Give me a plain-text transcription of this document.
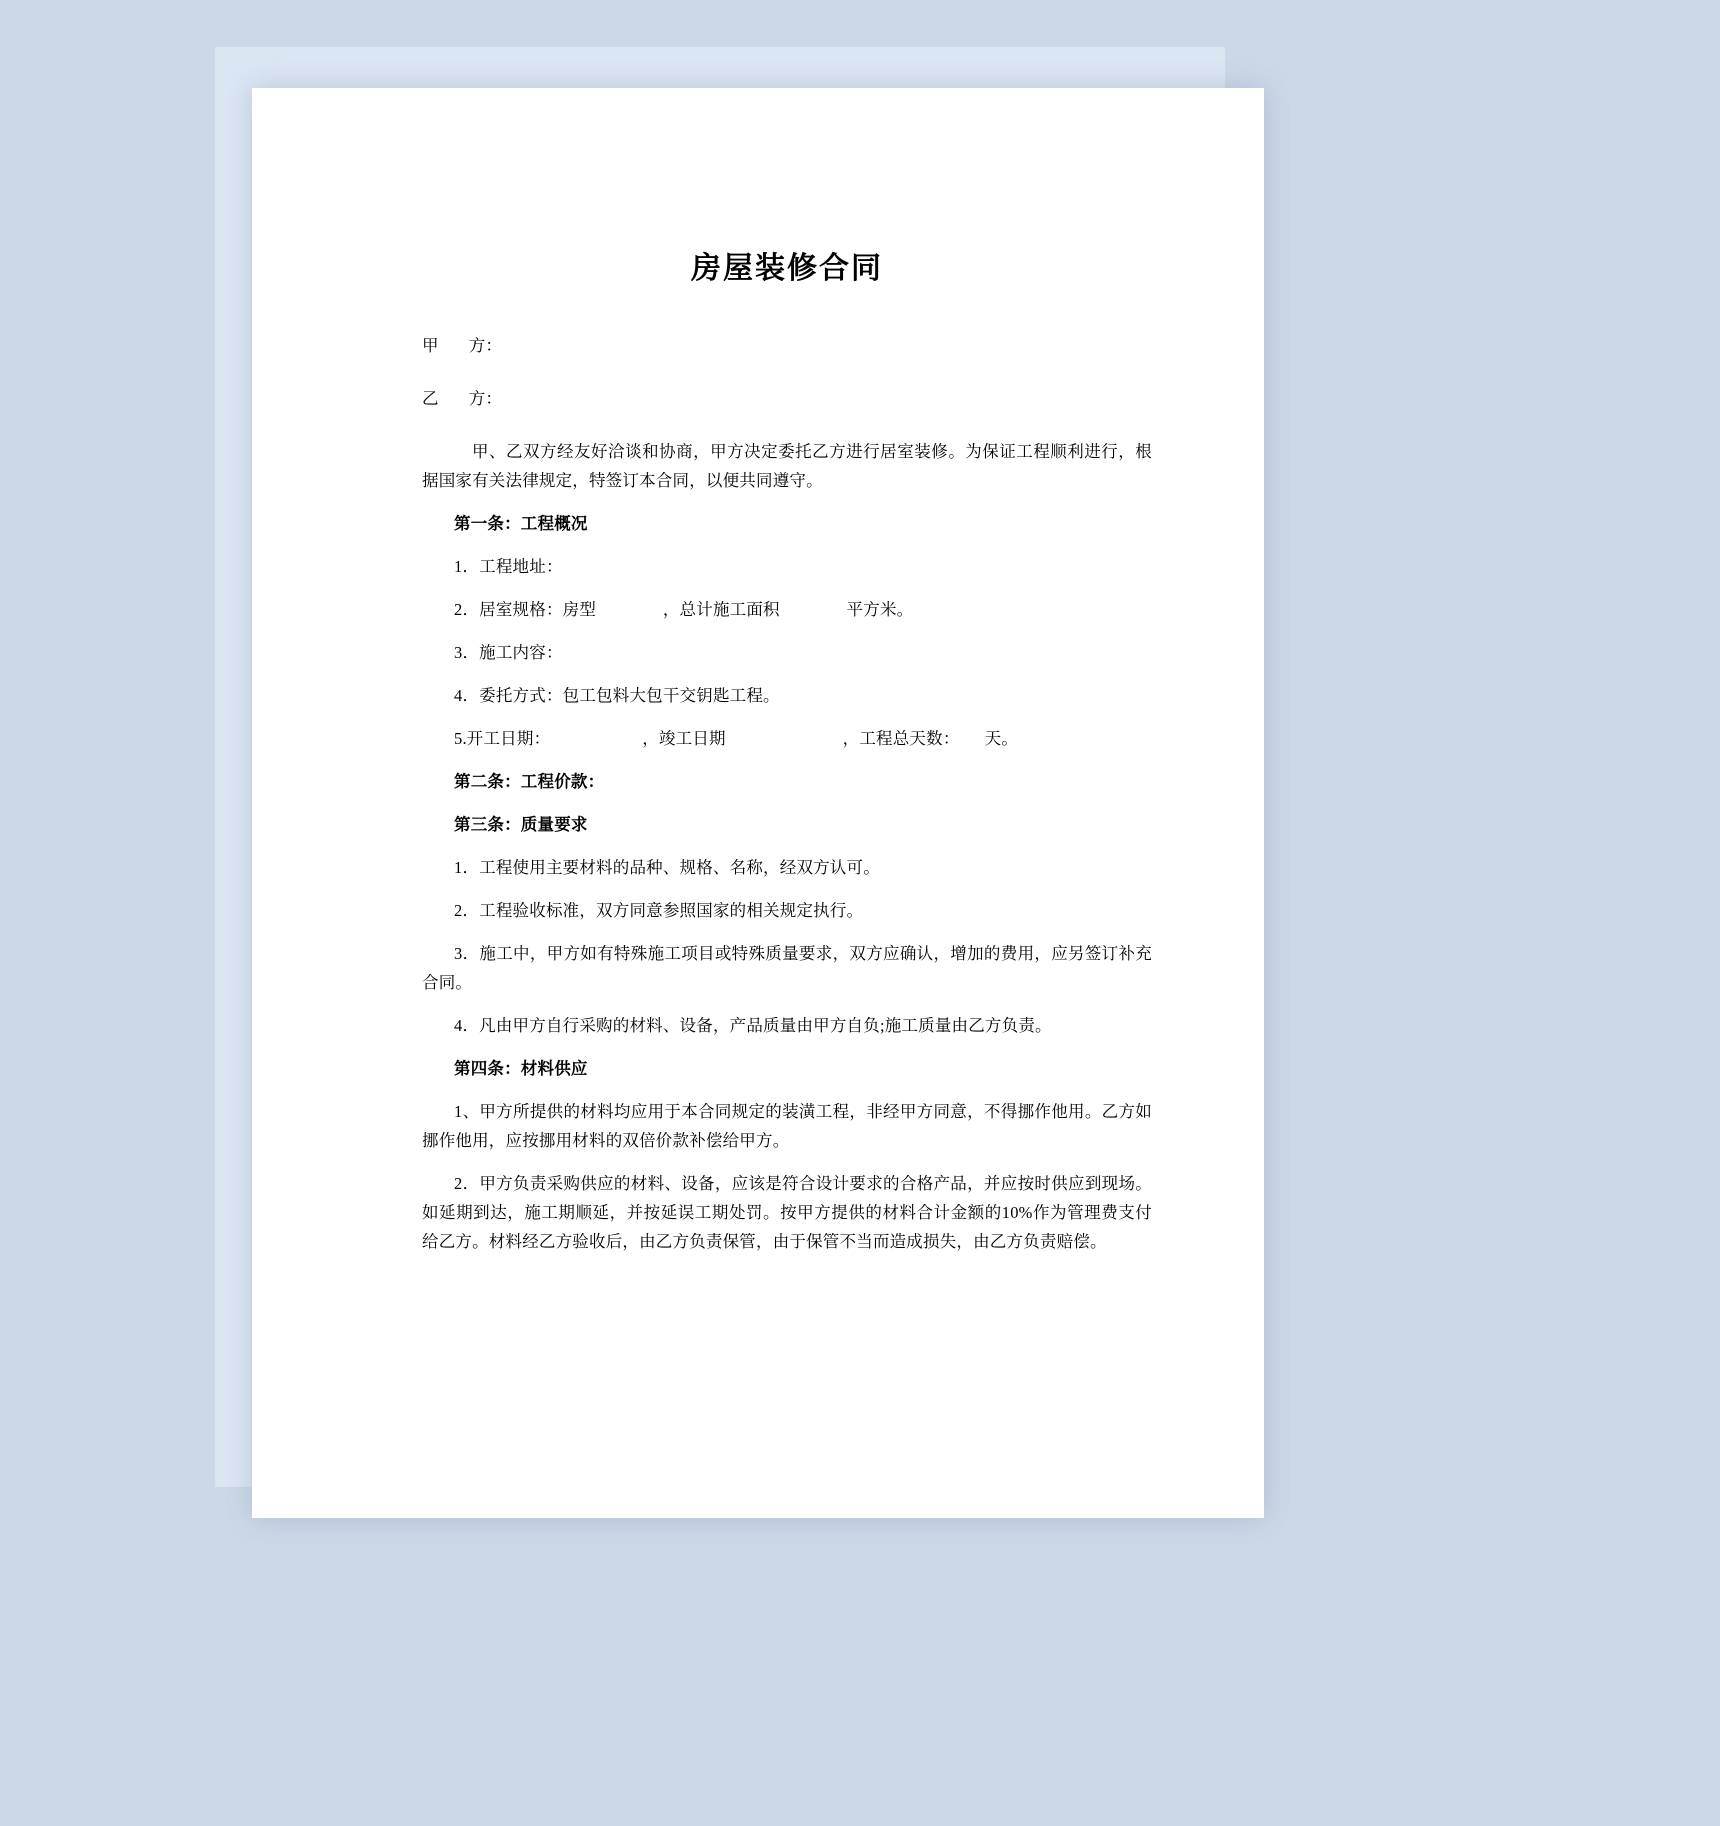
房屋装修合同

甲 方：

乙 方：

甲、乙双方经友好洽谈和协商，甲方决定委托乙方进行居室装修。为保证工程顺利进行，根据国家有关法律规定，特签订本合同，以便共同遵守。

第一条：工程概况

1．工程地址：

2．居室规格：房型　　　　，总计施工面积　　　　平方米。

3．施工内容：

4．委托方式：包工包料大包干交钥匙工程。

5.开工日期：　　　　　　，竣工日期　　　　　　　，工程总天数：　　天。

第二条：工程价款：

第三条：质量要求

1．工程使用主要材料的品种、规格、名称，经双方认可。

2．工程验收标准，双方同意参照国家的相关规定执行。

3．施工中，甲方如有特殊施工项目或特殊质量要求，双方应确认，增加的费用，应另签订补充合同。

4．凡由甲方自行采购的材料、设备，产品质量由甲方自负;施工质量由乙方负责。

第四条：材料供应

1、甲方所提供的材料均应用于本合同规定的装潢工程，非经甲方同意，不得挪作他用。乙方如挪作他用，应按挪用材料的双倍价款补偿给甲方。

2．甲方负责采购供应的材料、设备，应该是符合设计要求的合格产品，并应按时供应到现场。如延期到达，施工期顺延，并按延误工期处罚。按甲方提供的材料合计金额的10%作为管理费支付给乙方。材料经乙方验收后，由乙方负责保管，由于保管不当而造成损失，由乙方负责赔偿。
